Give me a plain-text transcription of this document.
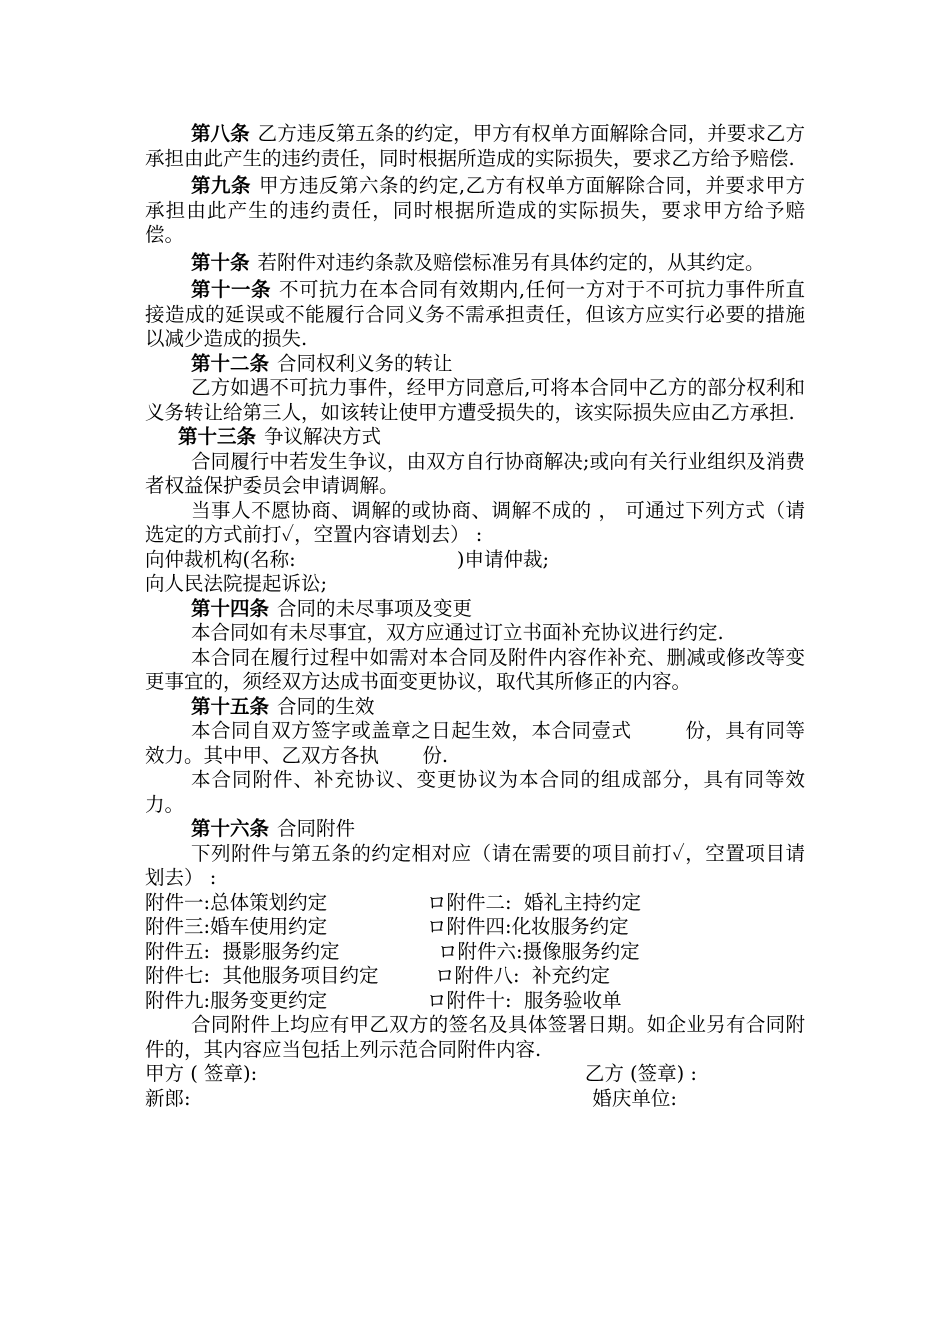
第八条 乙方违反第五条的约定，甲方有权单方面解除合同，并要求乙方承担由此产生的违约责任，同时根据所造成的实际损失，要求乙方给予赔偿.

第九条 甲方违反第六条的约定,乙方有权单方面解除合同，并要求甲方承担由此产生的违约责任，同时根据所造成的实际损失，要求甲方给予赔偿。

第十条 若附件对违约条款及赔偿标准另有具体约定的，从其约定。

第十一条 不可抗力在本合同有效期内,任何一方对于不可抗力事件所直接造成的延误或不能履行合同义务不需承担责任，但该方应实行必要的措施以减少造成的损失.

第十二条 合同权利义务的转让

乙方如遇不可抗力事件，经甲方同意后,可将本合同中乙方的部分权利和义务转让给第三人，如该转让使甲方遭受损失的，该实际损失应由乙方承担.

第十三条 争议解决方式

合同履行中若发生争议，由双方自行协商解决;或向有关行业组织及消费者权益保护委员会申请调解。

当事人不愿协商、调解的或协商、调解不成的 ， 可通过下列方式（请选定的方式前打✓，空置内容请划去） :

向仲裁机构(名称:                          )申请仲裁;

向人民法院提起诉讼;

第十四条 合同的未尽事项及变更

本合同如有未尽事宜，双方应通过订立书面补充协议进行约定.

本合同在履行过程中如需对本合同及附件内容作补充、删减或修改等变更事宜的，须经双方达成书面变更协议，取代其所修正的内容。

第十五条 合同的生效

本合同自双方签字或盖章之日起生效，本合同壹式        份，具有同等效力。其中甲、乙双方各执       份.

本合同附件、补充协议、变更协议为本合同的组成部分，具有同等效力。

第十六条 合同附件

下列附件与第五条的约定相对应（请在需要的项目前打✓，空置项目请划去） :

附件一:总体策划约定	ロ附件二:  婚礼主持约定
附件三:婚车使用约定	ロ附件四:化妆服务约定
附件五:  摄影服务约定	ロ附件六:摄像服务约定
附件七:  其他服务项目约定	ロ附件八:  补充约定
附件九:服务变更约定	ロ附件十:  服务验收单

合同附件上均应有甲乙双方的签名及具体签署日期。如企业另有合同附件的，其内容应当包括上列示范合同附件内容.

甲方 ( 签章):	乙方 (签章) :
新郎:	婚庆单位:
